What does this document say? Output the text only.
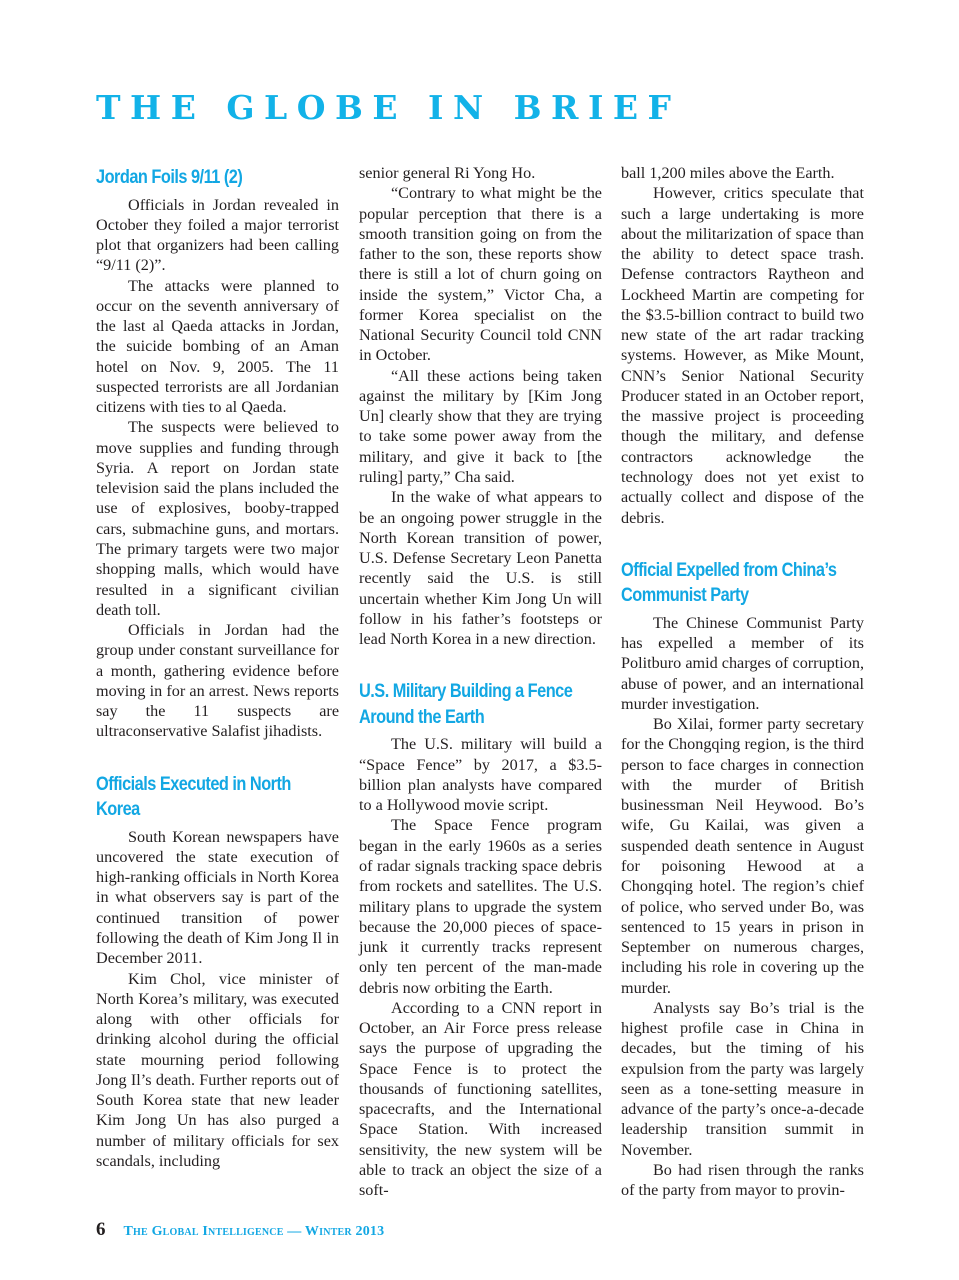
THE GLOBE IN BRIEF
Jordan Foils 9/11 (2)

Officials in Jordan revealed in October they foiled a major terrorist plot that organizers had been calling “9/11 (2)”.

The attacks were planned to occur on the seventh anniversary of the last al Qaeda attacks in Jordan, the suicide bombing of an Aman hotel on Nov. 9, 2005. The 11 suspected terrorists are all Jordanian citizens with ties to al Qaeda.

The suspects were believed to move supplies and funding through Syria. A report on Jordan state television said the plans included the use of explosives, booby-trapped cars, submachine guns, and mortars. The primary targets were two major shopping malls, which would have resulted in a significant civilian death toll.

Officials in Jordan had the group under constant surveillance for a month, gathering evidence before moving in for an arrest. News reports say the 11 suspects are ultraconservative Salafist jihadists.

Officials Executed in North Korea

South Korean newspapers have uncovered the state execution of high-ranking officials in North Korea in what observers say is part of the continued transition of power following the death of Kim Jong Il in December 2011.

Kim Chol, vice minister of North Korea’s military, was executed along with other officials for drinking alcohol during the official state mourning period following Jong Il’s death. Further reports out of South Korea state that new leader Kim Jong Un has also purged a number of military officials for sex scandals, including

senior general Ri Yong Ho.

“Contrary to what might be the popular perception that there is a smooth transition going on from the father to the son, these reports show there is still a lot of churn going on inside the system,” Victor Cha, a former Korea specialist on the National Security Council told CNN in October.

“All these actions being taken against the military by [Kim Jong Un] clearly show that they are trying to take some power away from the military, and give it back to [the ruling] party,” Cha said.

In the wake of what appears to be an ongoing power struggle in the North Korean transition of power, U.S. Defense Secretary Leon Panetta recently said the U.S. is still uncertain whether Kim Jong Un will follow in his father’s footsteps or lead North Korea in a new direction.

U.S. Military Building a Fence Around the Earth

The U.S. military will build a “Space Fence” by 2017, a $3.5-billion plan analysts have compared to a Hollywood movie script.

The Space Fence program began in the early 1960s as a series of radar signals tracking space debris from rockets and satellites. The U.S. military plans to upgrade the system because the 20,000 pieces of space-junk it currently tracks represent only ten percent of the man-made debris now orbiting the Earth.

According to a CNN report in October, an Air Force press release says the purpose of upgrading the Space Fence is to protect the thousands of functioning satellites, spacecrafts, and the International Space Station. With increased sensitivity, the new system will be able to track an object the size of a soft-

ball 1,200 miles above the Earth.

However, critics speculate that such a large undertaking is more about the militarization of space than the ability to detect space trash. Defense contractors Raytheon and Lockheed Martin are competing for the $3.5-billion contract to build two new state of the art radar tracking systems. However, as Mike Mount, CNN’s Senior National Security Producer stated in an October report, the massive project is proceeding though the military, and defense contractors acknowledge the technology does not yet exist to actually collect and dispose of the debris.

Official Expelled from China’s Communist Party

The Chinese Communist Party has expelled a member of its Politburo amid charges of corruption, abuse of power, and an international murder investigation.

Bo Xilai, former party secretary for the Chongqing region, is the third person to face charges in connection with the murder of British businessman Neil Heywood. Bo’s wife, Gu Kailai, was given a suspended death sentence in August for poisoning Hewood at a Chongqing hotel. The region’s chief of police, who served under Bo, was sentenced to 15 years in prison in September on numerous charges, including his role in covering up the murder.

Analysts say Bo’s trial is the highest profile case in China in decades, but the timing of his expulsion from the party was largely seen as a tone-setting measure in advance of the party’s once-a-decade leadership transition summit in November.

Bo had risen through the ranks of the party from mayor to provin-

6 The Global Intelligence — Winter 2013
